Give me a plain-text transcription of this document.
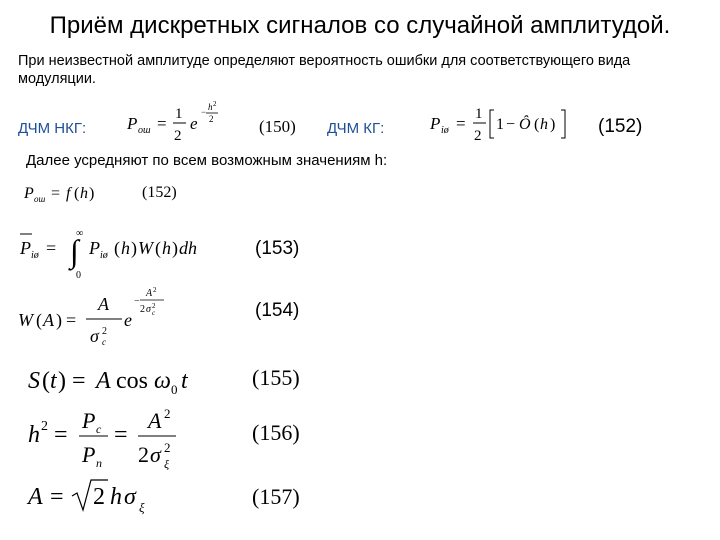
Приём дискретных сигналов со случайной амплитудой.
При неизвестной амплитуде определяют вероятность ошибки для соответствующего вида модуляции.
ДЧМ НКГ: P ош = 1
2
e
− h 2
2	(150) ДЧМ КГ:	P iø = 1
2
1 − Ô ( h ) (152)
Далее усредняют по всем возможным значениям h:
P ош = f ( h )	(152)
P iø =
∞
∫
0
P iø ( h ) W ( h ) dh	(153)
W ( A ) =
A
σ 2
c
e
−
A 2
2 σ 2
c	(154)
S ( t ) = A cos ω 0 t	(155)
h 2 =
P c
P n
=
A 2
2 σ 2
ξ
(156)
A = 2 h σ ξ	(157)
